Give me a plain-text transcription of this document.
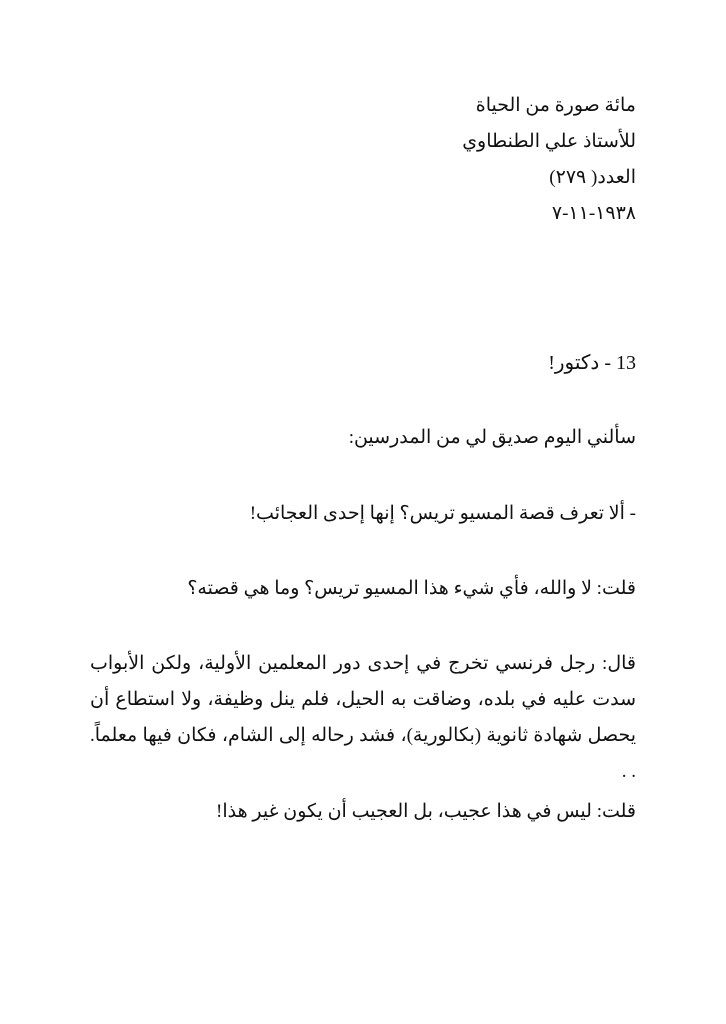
مائة صورة من الحياة
للأستاذ علي الطنطاوي
العدد( ٢٧٩)
١٩٣٨-١١-٧
13 - دكتور!
سألني اليوم صديق لي من المدرسين:
- ألا تعرف قصة المسيو تريس؟ إنها إحدى العجائب!
قلت: لا والله، فأي شيء هذا المسيو تريس؟ وما هي قصته؟
قال: رجل فرنسي تخرج في إحدى دور المعلمين الأولية، ولكن الأبواب سدت عليه في بلده، وضاقت به الحيل، فلم ينل وظيفة، ولا استطاع أن يحصل شهادة ثانوية (بكالورية)، فشد رحاله إلى الشام، فكان فيها معلماً. . .
قلت: ليس في هذا عجيب، بل العجيب أن يكون غير هذا!
